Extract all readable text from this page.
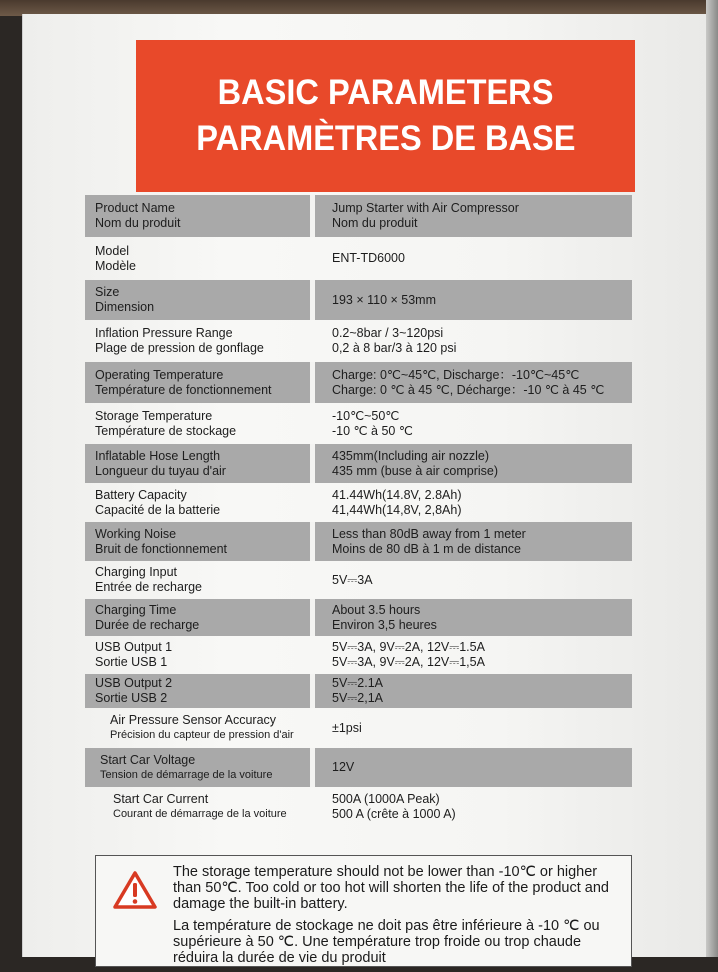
BASIC PARAMETERS
PARAMÈTRES DE BASE
Product Name
Nom du produit
Jump Starter with Air Compressor
Nom du produit
Model
Modèle
ENT-TD6000
Size
Dimension
193 × 110 × 53mm
Inflation Pressure Range
Plage de pression de gonflage
0.2~8bar / 3~120psi
0,2 à 8 bar/3 à 120 psi
Operating Temperature
Température de fonctionnement
Charge: 0℃~45℃, Discharge：-10℃~45℃
Charge: 0 ℃ à 45 ℃, Décharge：-10 ℃ à 45 ℃
Storage Temperature
Température de stockage
-10℃~50℃
-10 ℃ à 50 ℃
Inflatable Hose Length
Longueur du tuyau d'air
435mm(Including air nozzle)
435 mm (buse à air comprise)
Battery Capacity
Capacité de la batterie
41.44Wh(14.8V, 2.8Ah)
41,44Wh(14,8V, 2,8Ah)
Working Noise
Bruit de fonctionnement
Less than 80dB away from 1 meter
Moins de 80 dB à 1 m de distance
Charging Input
Entrée de recharge
5V⎓3A
Charging Time
Durée de recharge
About 3.5 hours
Environ 3,5 heures
USB Output 1
Sortie USB 1
5V⎓3A, 9V⎓2A, 12V⎓1.5A
5V⎓3A, 9V⎓2A, 12V⎓1,5A
USB Output 2
Sortie USB 2
5V⎓2.1A
5V⎓2,1A
Air Pressure Sensor Accuracy
Précision du capteur de pression d'air
±1psi
Start Car Voltage
Tension de démarrage de la voiture
12V
Start Car Current
Courant de démarrage de la voiture
500A (1000A Peak)
500 A (crête à 1000 A)

The storage temperature should not be lower than -10℃ or higher than 50℃. Too cold or too hot will shorten the life of the product and damage the built-in battery.

La température de stockage ne doit pas être inférieure à -10 ℃ ou supérieure à 50 ℃. Une température trop froide ou trop chaude réduira la durée de vie du produit
